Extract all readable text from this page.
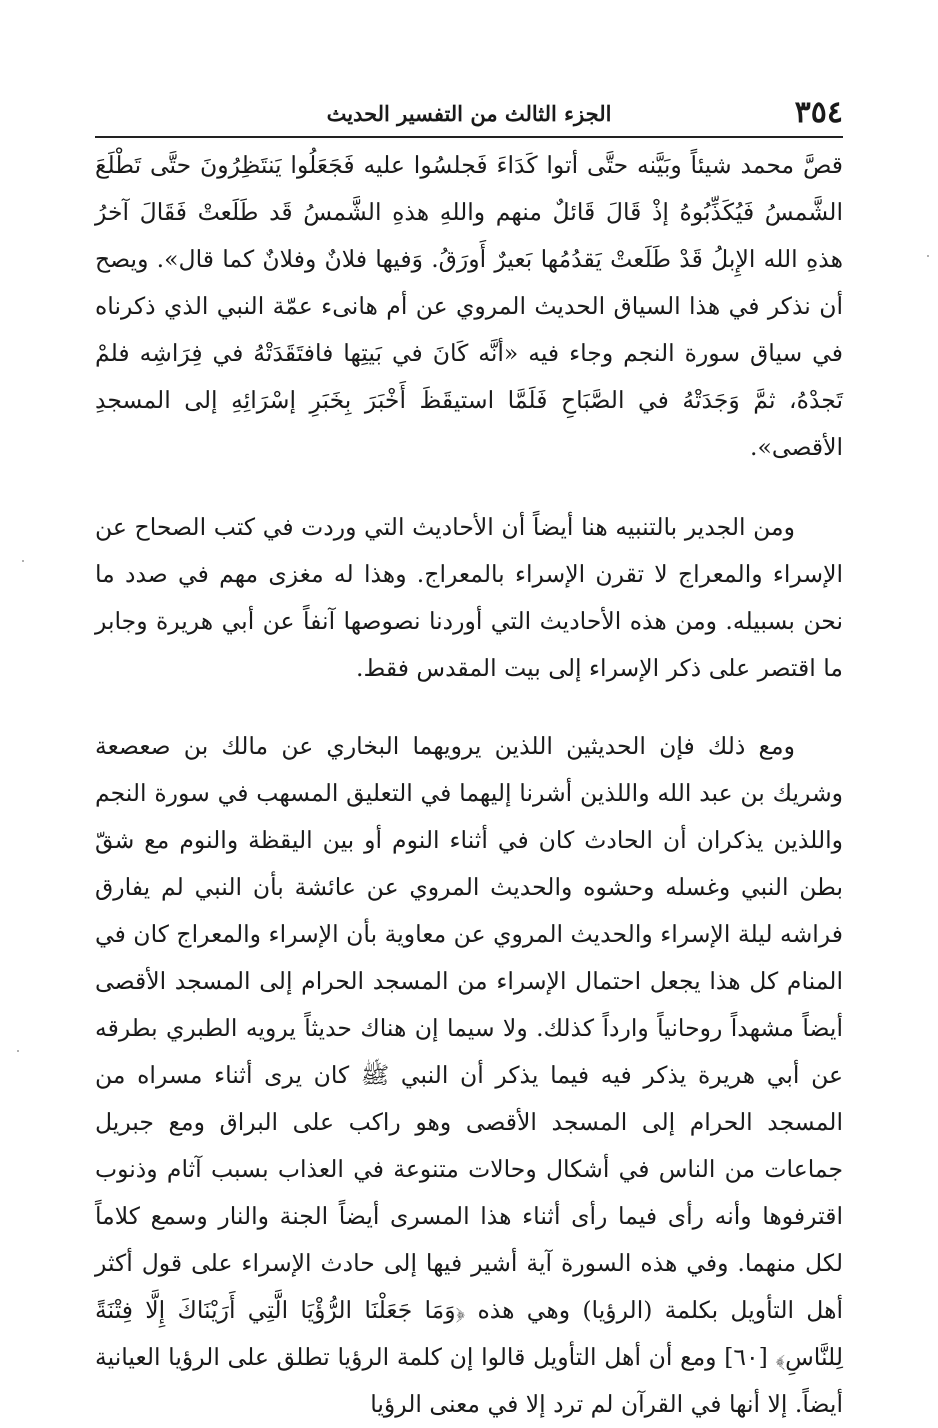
٣٥٤
الجزء الثالث من التفسير الحديث

قصَّ محمد شيئاً وبَيَّنه حتَّى أتوا كَدَاءَ فَجلسُوا عليه فَجَعَلُوا يَنتَظِرُونَ حتَّى تَطْلَعَ الشَّمسُ فَيُكَذِّبُوهُ إذْ قَالَ قَائلٌ منهم واللهِ هذهِ الشَّمسُ قَد طَلَعتْ فَقَالَ آخرُ هذهِ الله الإِبلُ قَدْ طَلَعتْ يَقدُمُها بَعيرٌ أَورَقُ. وَفيها فلانٌ وفلانٌ كما قال». ويصح أن نذكر في هذا السياق الحديث المروي عن أم هانىء عمّة النبي الذي ذكرناه في سياق سورة النجم وجاء فيه «أنَّه كَانَ في بَيتِها فافتَقَدَتْهُ في فِرَاشِه فلمْ تَجدْهُ، ثمَّ وَجَدَتْهُ في الصَّبَاحِ فَلَمَّا استيقَظَ أَخْبَرَ بِخَبَرِ إسْرَائِهِ إلى المسجدِ الأقصى».

ومن الجدير بالتنبيه هنا أيضاً أن الأحاديث التي وردت في كتب الصحاح عن الإسراء والمعراج لا تقرن الإسراء بالمعراج. وهذا له مغزى مهم في صدد ما نحن بسبيله. ومن هذه الأحاديث التي أوردنا نصوصها آنفاً عن أبي هريرة وجابر ما اقتصر على ذكر الإسراء إلى بيت المقدس فقط.

ومع ذلك فإن الحديثين اللذين يرويهما البخاري عن مالك بن صعصعة وشريك بن عبد الله واللذين أشرنا إليهما في التعليق المسهب في سورة النجم واللذين يذكران أن الحادث كان في أثناء النوم أو بين اليقظة والنوم مع شقّ بطن النبي وغسله وحشوه والحديث المروي عن عائشة بأن النبي لم يفارق فراشه ليلة الإسراء والحديث المروي عن معاوية بأن الإسراء والمعراج كان في المنام كل هذا يجعل احتمال الإسراء من المسجد الحرام إلى المسجد الأقصى أيضاً مشهداً روحانياً وارداً كذلك. ولا سيما إن هناك حديثاً يرويه الطبري بطرقه عن أبي هريرة يذكر فيه فيما يذكر أن النبي ﷺ كان يرى أثناء مسراه من المسجد الحرام إلى المسجد الأقصى وهو راكب على البراق ومع جبريل جماعات من الناس في أشكال وحالات متنوعة في العذاب بسبب آثام وذنوب اقترفوها وأنه رأى فيما رأى أثناء هذا المسرى أيضاً الجنة والنار وسمع كلاماً لكل منهما. وفي هذه السورة آية أشير فيها إلى حادث الإسراء على قول أكثر أهل التأويل بكلمة (الرؤيا) وهي هذه ﴿وَمَا جَعَلْنَا الرُّؤْيَا الَّتِي أَرَيْنَاكَ إِلَّا فِتْنَةً لِلنَّاسِ﴾ [٦٠] ومع أن أهل التأويل قالوا إن كلمة الرؤيا تطلق على الرؤيا العيانية أيضاً. إلا أنها في القرآن لم ترد إلا في معنى الرؤيا
